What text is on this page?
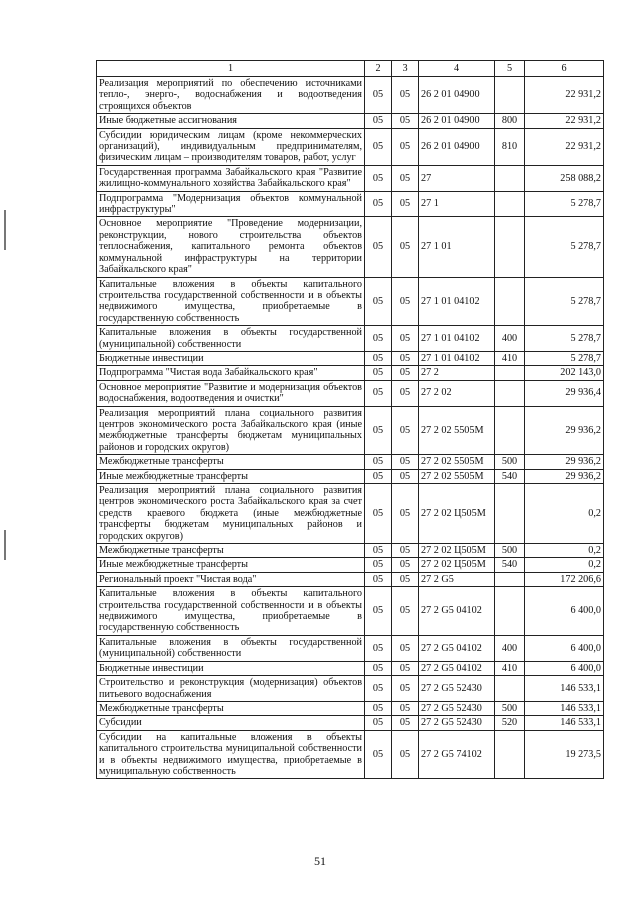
1	2	3	4	5	6
Реализация мероприятий по обеспечению источниками тепло-, энерго-, водоснабжения и водоотведения строящихся объектов	05	05	26 2 01 04900		22 931,2
Иные бюджетные ассигнования	05	05	26 2 01 04900	800	22 931,2
Субсидии юридическим лицам (кроме некоммерческих организаций), индивидуальным предпринимателям, физическим лицам – производителям товаров, работ, услуг	05	05	26 2 01 04900	810	22 931,2
Государственная программа Забайкальского края "Развитие жилищно-коммунального хозяйства Забайкальского края"	05	05	27		258 088,2
Подпрограмма "Модернизация объектов коммунальной инфраструктуры"	05	05	27 1		5 278,7
Основное мероприятие "Проведение модернизации, реконструкции, нового строительства объектов теплоснабжения, капитального ремонта объектов коммунальной инфраструктуры на территории Забайкальского края"	05	05	27 1 01		5 278,7
Капитальные вложения в объекты капитального строительства государственной собственности и в объекты недвижимого имущества, приобретаемые в государственную собственность	05	05	27 1 01 04102		5 278,7
Капитальные вложения в объекты государственной (муниципальной) собственности	05	05	27 1 01 04102	400	5 278,7
Бюджетные инвестиции	05	05	27 1 01 04102	410	5 278,7
Подпрограмма "Чистая вода Забайкальского края"	05	05	27 2		202 143,0
Основное мероприятие "Развитие и модернизация объектов водоснабжения, водоотведения и очистки"	05	05	27 2 02		29 936,4
Реализация мероприятий плана социального развития центров экономического роста Забайкальского края (иные межбюджетные трансферты бюджетам муниципальных районов и городских округов)	05	05	27 2 02 5505М		29 936,2
Межбюджетные трансферты	05	05	27 2 02 5505М	500	29 936,2
Иные межбюджетные трансферты	05	05	27 2 02 5505М	540	29 936,2
Реализация мероприятий плана социального развития центров экономического роста Забайкальского края за счет средств краевого бюджета (иные межбюджетные трансферты бюджетам муниципальных районов и городских округов)	05	05	27 2 02 Ц505М		0,2
Межбюджетные трансферты	05	05	27 2 02 Ц505М	500	0,2
Иные межбюджетные трансферты	05	05	27 2 02 Ц505М	540	0,2
Региональный проект "Чистая вода"	05	05	27 2 G5		172 206,6
Капитальные вложения в объекты капитального строительства государственной собственности и в объекты недвижимого имущества, приобретаемые в государственную собственность	05	05	27 2 G5 04102		6 400,0
Капитальные вложения в объекты государственной (муниципальной) собственности	05	05	27 2 G5 04102	400	6 400,0
Бюджетные инвестиции	05	05	27 2 G5 04102	410	6 400,0
Строительство и реконструкция (модернизация) объектов питьевого водоснабжения	05	05	27 2 G5 52430		146 533,1
Межбюджетные трансферты	05	05	27 2 G5 52430	500	146 533,1
Субсидии	05	05	27 2 G5 52430	520	146 533,1
Субсидии на капитальные вложения в объекты капитального строительства муниципальной собственности и в объекты недвижимого имущества, приобретаемые в муниципальную собственность	05	05	27 2 G5 74102		19 273,5
51
